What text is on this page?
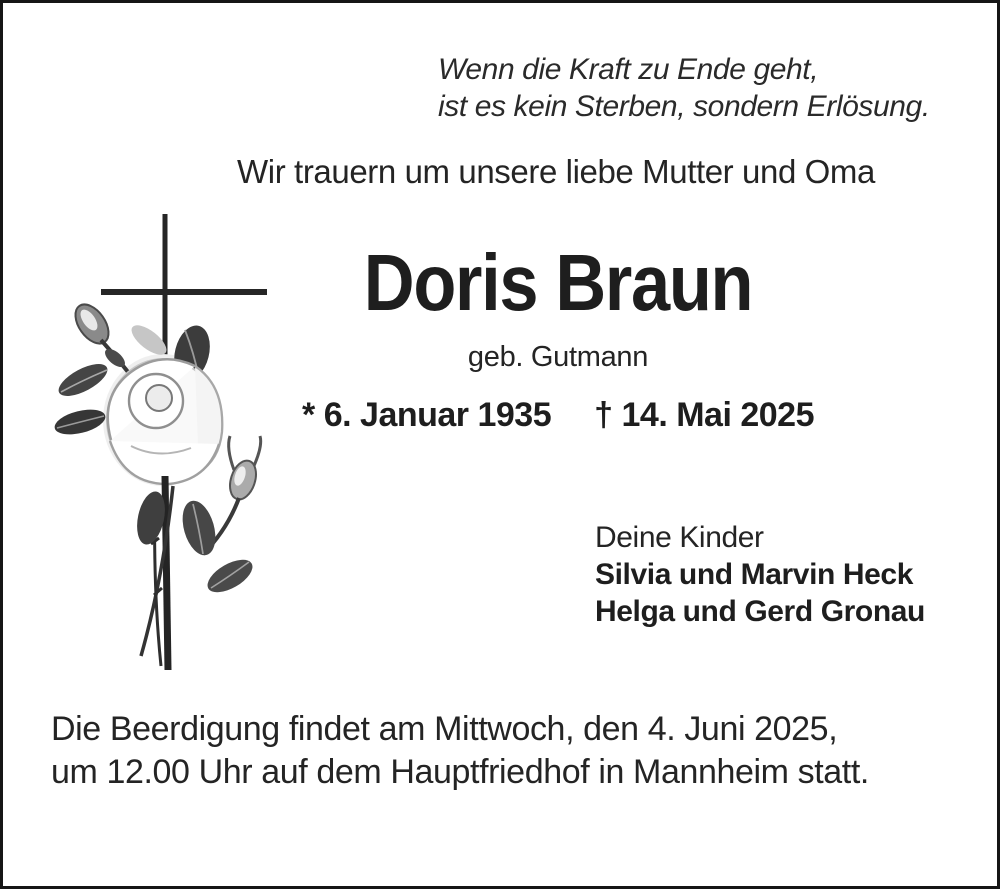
Wenn die Kraft zu Ende geht,
ist es kein Sterben, sondern Erlösung.
Wir trauern um unsere liebe Mutter und Oma
Doris Braun
geb. Gutmann
* 6. Januar 1935 † 14. Mai 2025
Deine Kinder
Silvia und Marvin Heck
Helga und Gerd Gronau
Die Beerdigung findet am Mittwoch, den 4. Juni 2025,
um 12.00 Uhr auf dem Hauptfriedhof in Mannheim statt.
